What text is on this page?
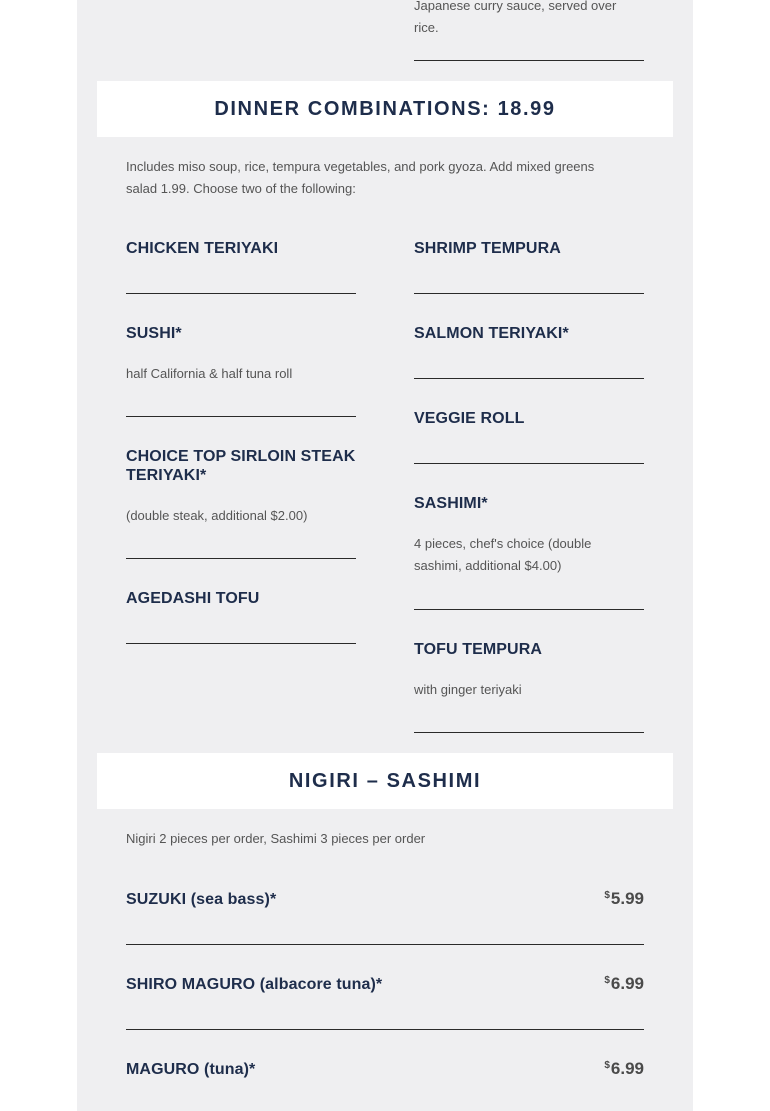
Japanese curry sauce, served over rice.
DINNER COMBINATIONS: 18.99
Includes miso soup, rice, tempura vegetables, and pork gyoza. Add mixed greens salad 1.99. Choose two of the following:
CHICKEN TERIYAKI
SUSHI*
half California & half tuna roll
CHOICE TOP SIRLOIN STEAK TERIYAKI*
(double steak, additional $2.00)
AGEDASHI TOFU
SHRIMP TEMPURA
SALMON TERIYAKI*
VEGGIE ROLL
SASHIMI*
4 pieces, chef's choice (double sashimi, additional $4.00)
TOFU TEMPURA
with ginger teriyaki
NIGIRI – SASHIMI
Nigiri 2 pieces per order, Sashimi 3 pieces per order
SUZUKI (sea bass)*	$5.99
SHIRO MAGURO (albacore tuna)*	$6.99
MAGURO (tuna)*	$6.99
